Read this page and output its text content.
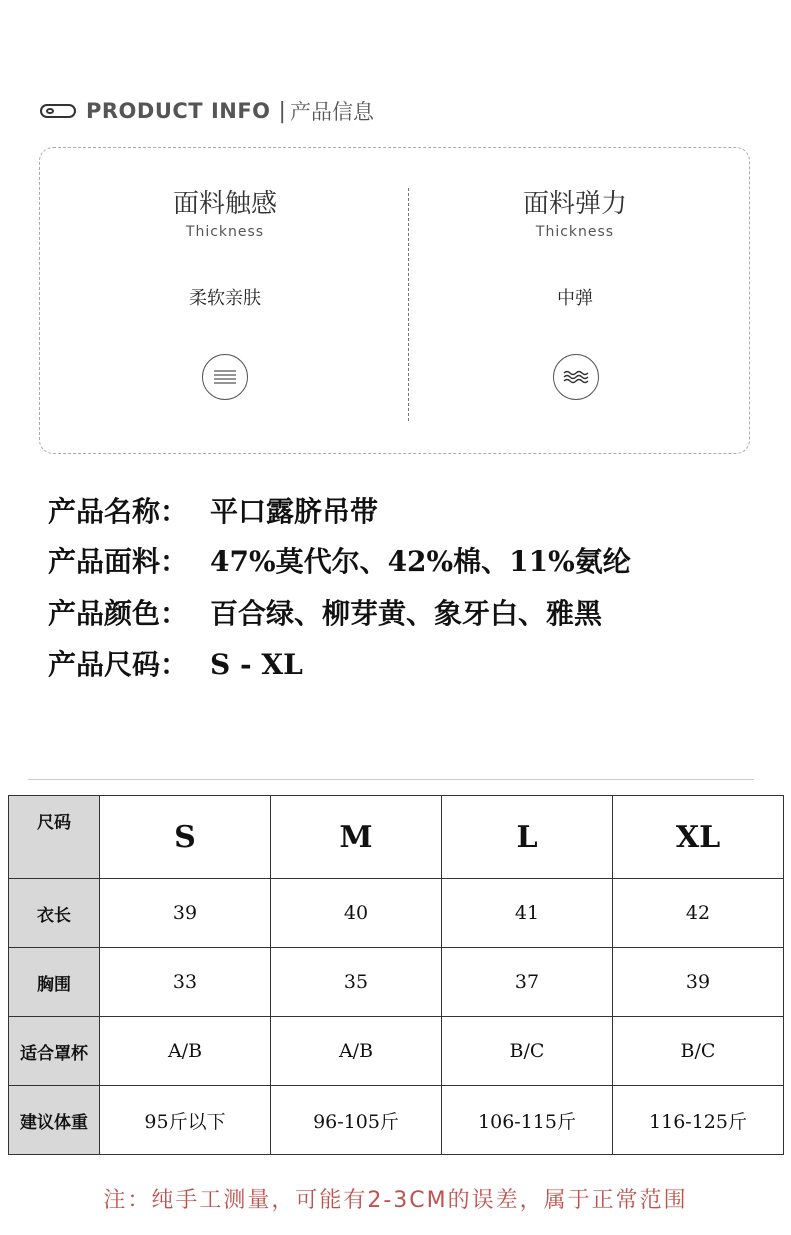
PRODUCT INFO | 产品信息
面料触感
Thickness
柔软亲肤
面料弹力
Thickness
中弹
产品名称： 平口露脐吊带
产品面料： 47%莫代尔、42%棉、11%氨纶
产品颜色： 百合绿、柳芽黄、象牙白、雅黑
产品尺码： S - XL
尺码	S	M	L	XL
衣长	39	40	41	42
胸围	33	35	37	39
适合罩杯	A/B	A/B	B/C	B/C
建议体重	95斤以下	96-105斤	106-115斤	116-125斤
注：纯手工测量，可能有2-3CM的误差，属于正常范围
